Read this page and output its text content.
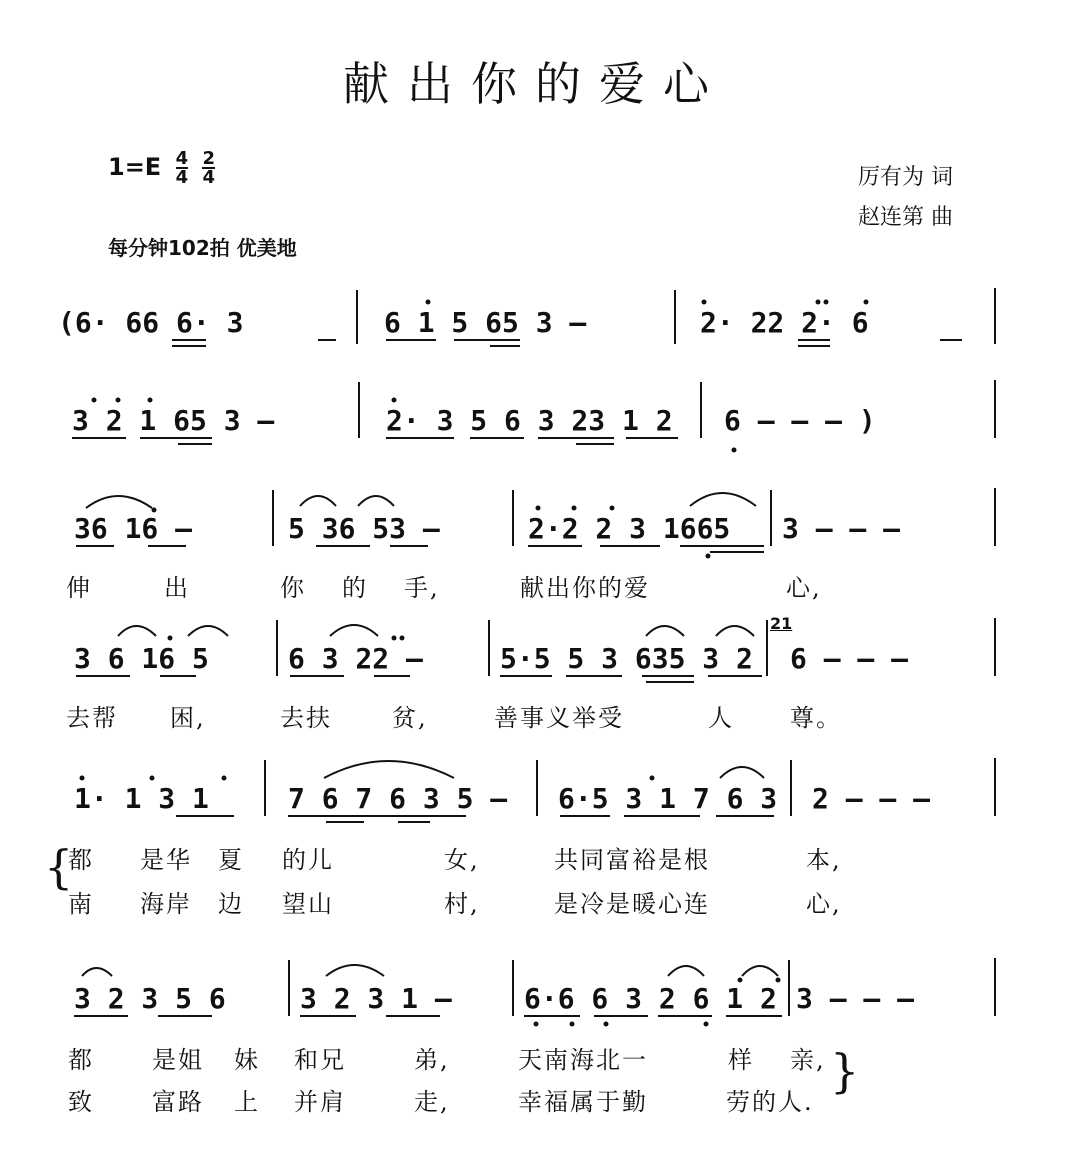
献出你的爱心
$1=E \frac{4}{4}$
$\frac{2}{4}$	厉有为 词
赵连第 曲
每分钟102拍 优美地
(6· 66 6· 3	6 1 5 65 3 –	2· 22 2· 6
3 2 1 65 3 –	2· 3 5 6 3 23 1 2 6 – – – )
36 16 –	5 36 53 –	2·2 2 3 1665 3 – – –
伸	出	你 的 手,	献出你的爱	心,
3 6 16 5	6 3 22 –	5·5 5 3 635 3 2 6 – – –
21
去帮 困,	去扶	贫,	善事义举受	人 尊。
1· 1 3 1	7 6 7 6 3 5 – 6·5 3 1 7 6 3 2 – – –
{
都 是华 夏 的儿	女,	共同富裕是根	本,
南 海岸 边 望山	村,	是冷是暖心连	心,
3 2 3 5 6	3 2 3 1 –	6·6 6 3 2 6 1 2 3 – – –
都 是姐 妹 和兄	弟,	天南海北一	样 亲, }
致 富路 上 并肩	走,	幸福属于勤	劳的人.
